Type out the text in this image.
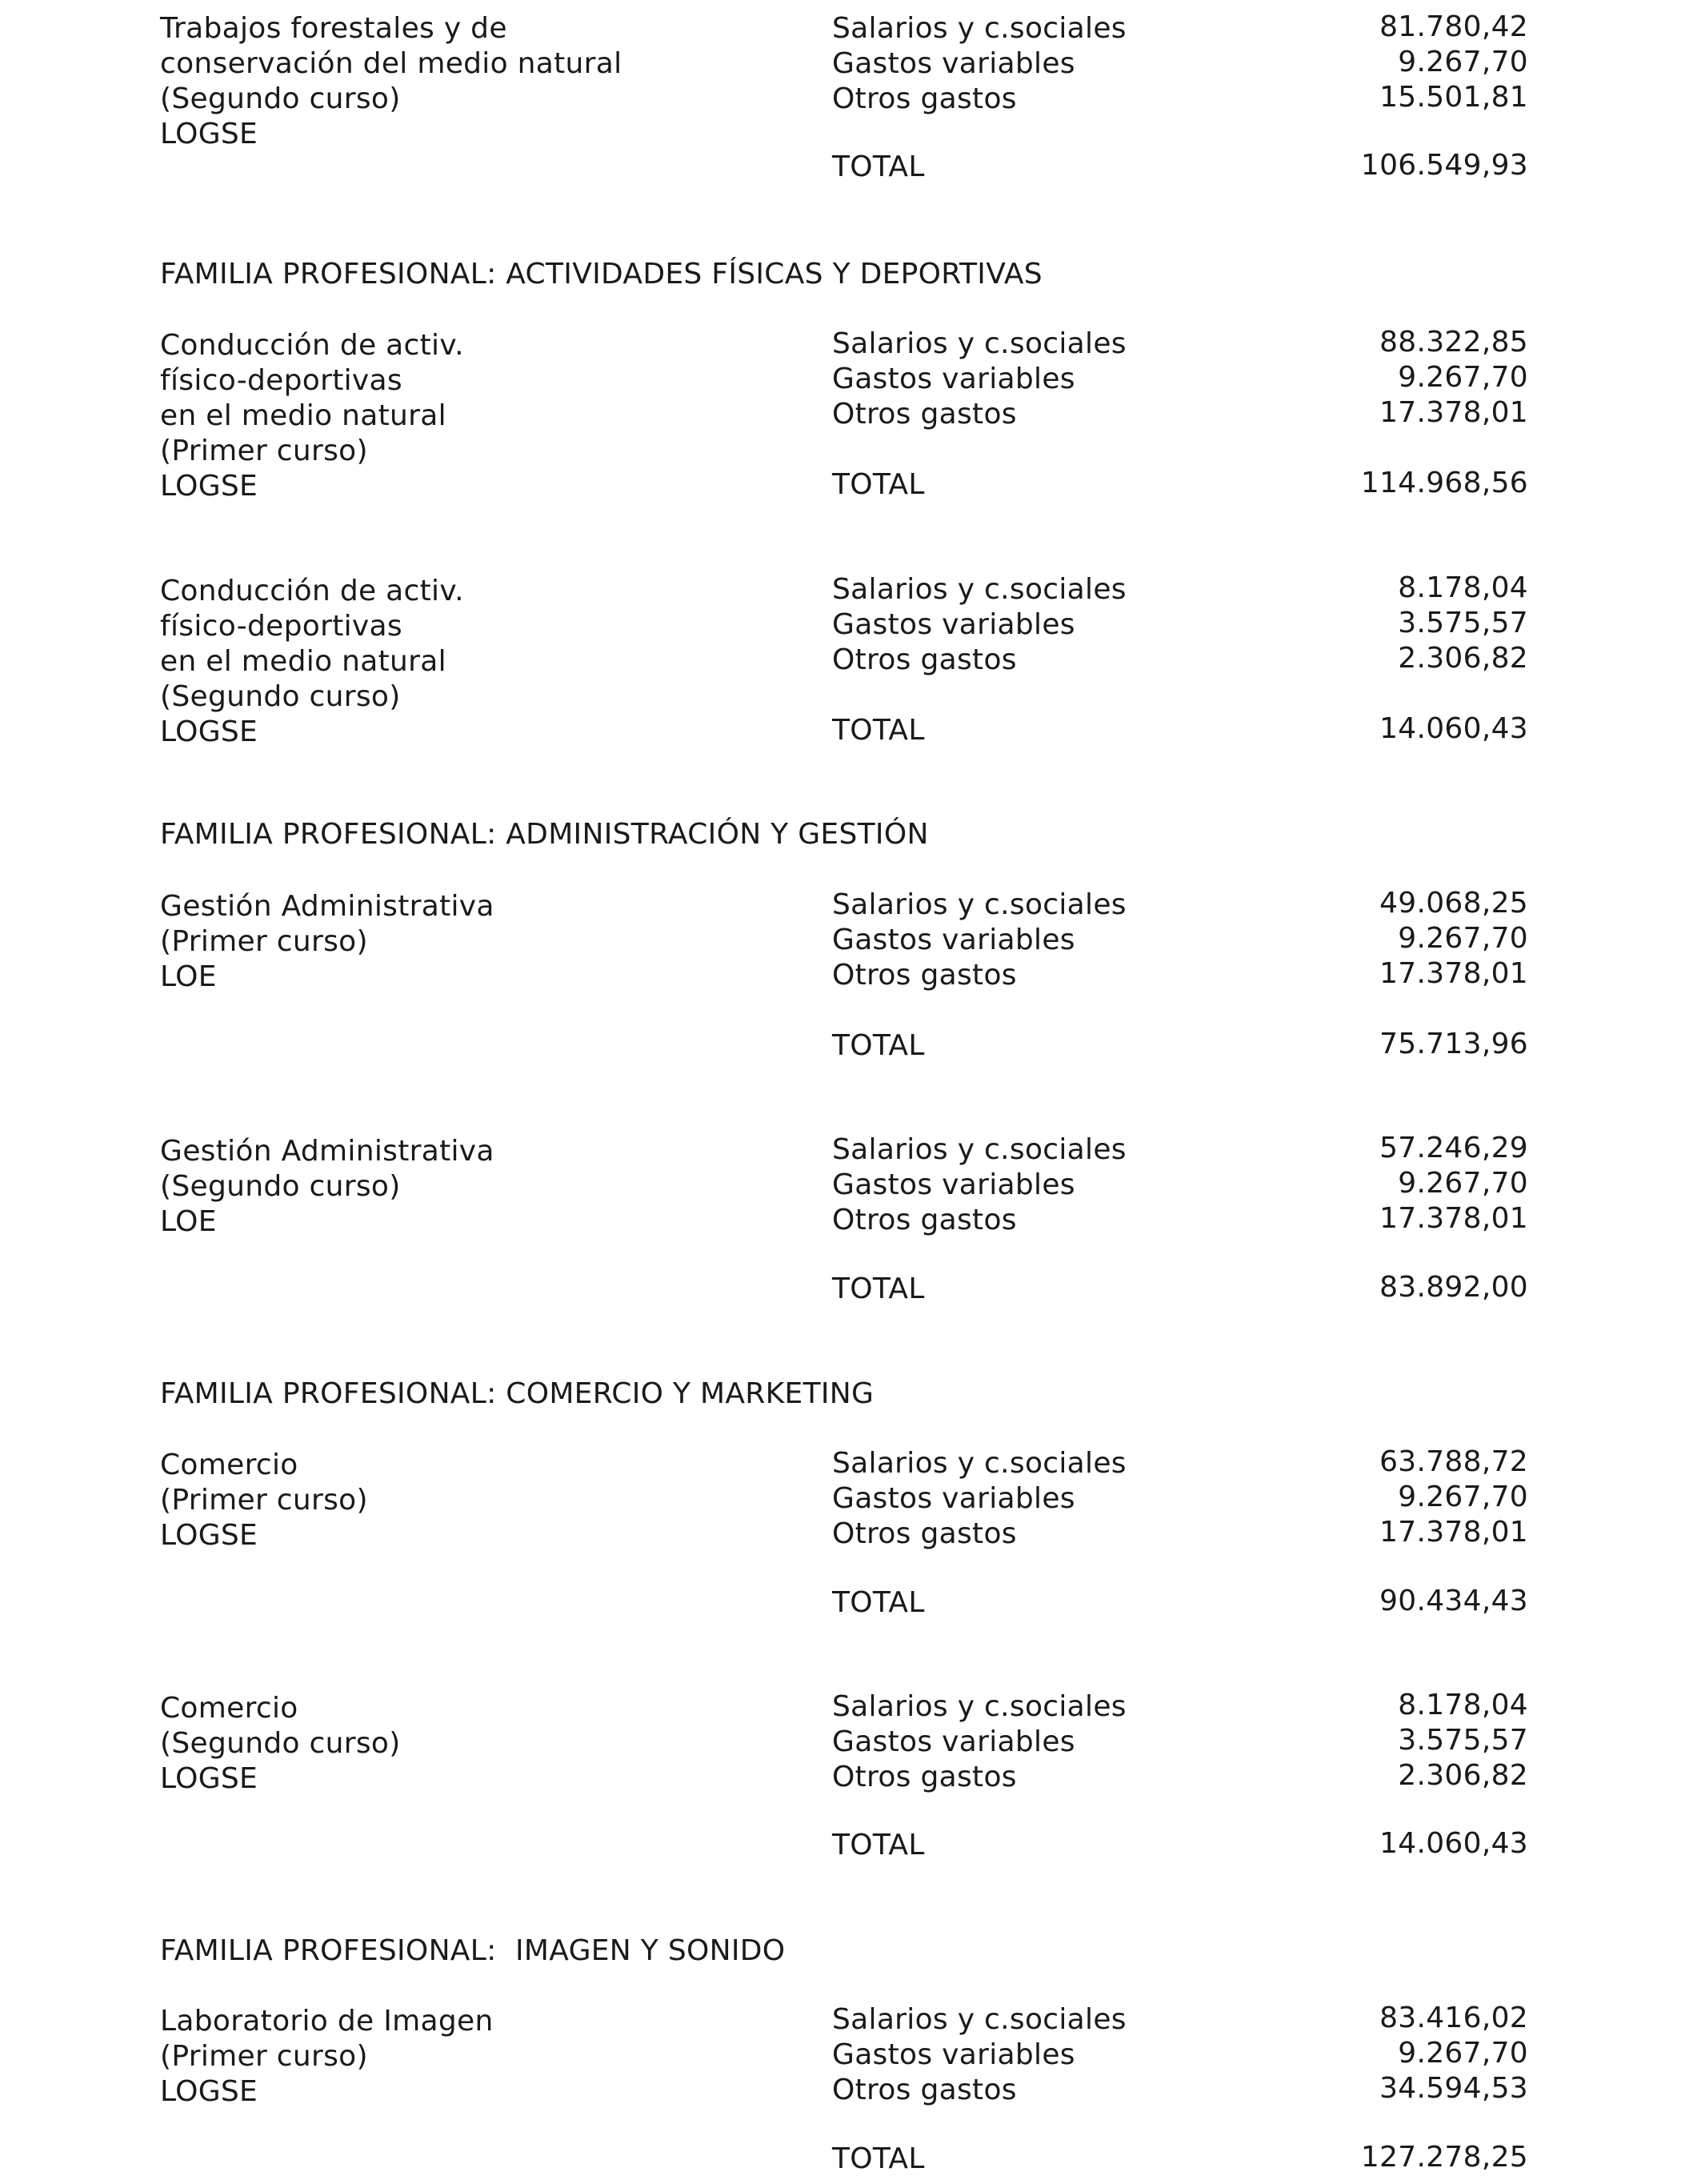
Trabajos forestales y de
conservación del medio natural
(Segundo curso)
LOGSE
Salarios y c.sociales
Gastos variables
Otros gastos
TOTAL
81.780,42
9.267,70
15.501,81
106.549,93
FAMILIA PROFESIONAL: ACTIVIDADES FÍSICAS Y DEPORTIVAS
Conducción de activ.
físico-deportivas
en el medio natural
(Primer curso)
LOGSE
Salarios y c.sociales
Gastos variables
Otros gastos
TOTAL
88.322,85
9.267,70
17.378,01
114.968,56
Conducción de activ.
físico-deportivas
en el medio natural
(Segundo curso)
LOGSE
Salarios y c.sociales
Gastos variables
Otros gastos
TOTAL
8.178,04
3.575,57
2.306,82
14.060,43
FAMILIA PROFESIONAL: ADMINISTRACIÓN Y GESTIÓN
Gestión Administrativa
(Primer curso)
LOE
Salarios y c.sociales
Gastos variables
Otros gastos
TOTAL
49.068,25
9.267,70
17.378,01
75.713,96
Gestión Administrativa
(Segundo curso)
LOE
Salarios y c.sociales
Gastos variables
Otros gastos
TOTAL
57.246,29
9.267,70
17.378,01
83.892,00
FAMILIA PROFESIONAL: COMERCIO Y MARKETING
Comercio
(Primer curso)
LOGSE
Salarios y c.sociales
Gastos variables
Otros gastos
TOTAL
63.788,72
9.267,70
17.378,01
90.434,43
Comercio
(Segundo curso)
LOGSE
Salarios y c.sociales
Gastos variables
Otros gastos
TOTAL
8.178,04
3.575,57
2.306,82
14.060,43
FAMILIA PROFESIONAL:  IMAGEN Y SONIDO
Laboratorio de Imagen
(Primer curso)
LOGSE
Salarios y c.sociales
Gastos variables
Otros gastos
TOTAL
83.416,02
9.267,70
34.594,53
127.278,25
